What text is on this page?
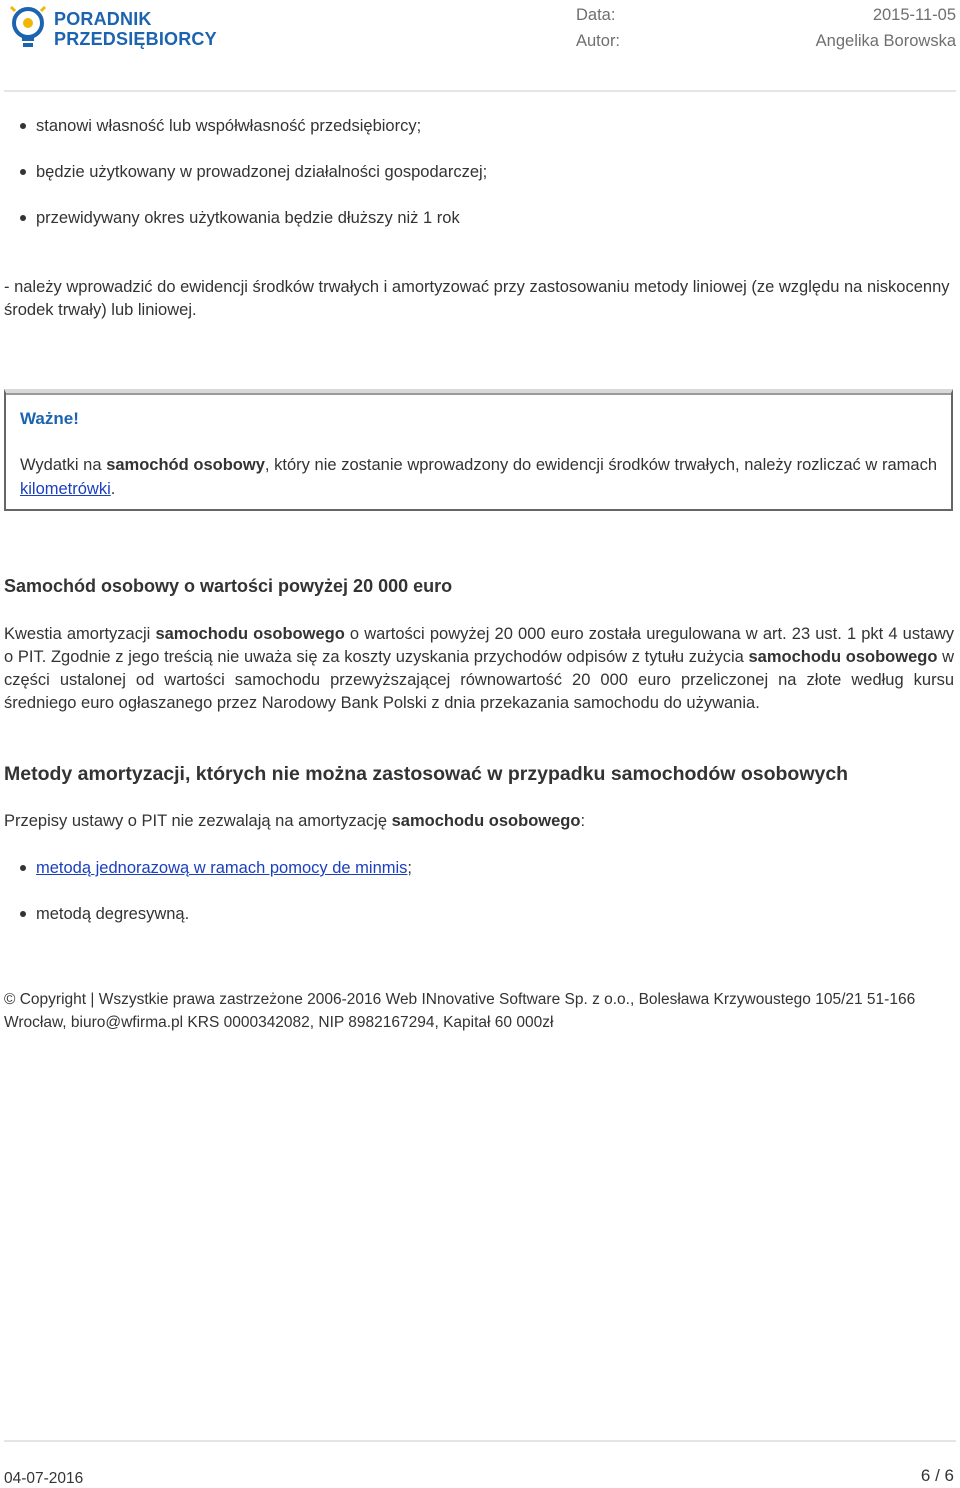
PORADNIK
PRZEDSIĘBIORCY
Data:
Autor:
2015-11-05
Angelika Borowska
stanowi własność lub współwłasność przedsiębiorcy;
będzie użytkowany w prowadzonej działalności gospodarczej;
przewidywany okres użytkowania będzie dłuższy niż 1 rok
- należy wprowadzić do ewidencji środków trwałych i amortyzować przy zastosowaniu metody liniowej (ze względu na niskocenny środek trwały) lub liniowej.
Ważne!
Wydatki na samochód osobowy, który nie zostanie wprowadzony do ewidencji środków trwałych, należy rozliczać w ramach kilometrówki.
Samochód osobowy o wartości powyżej 20 000 euro
Kwestia amortyzacji samochodu osobowego o wartości powyżej 20 000 euro została uregulowana w art. 23 ust. 1 pkt 4 ustawy o PIT. Zgodnie z jego treścią nie uważa się za koszty uzyskania przychodów odpisów z tytułu zużycia samochodu osobowego w części ustalonej od wartości samochodu przewyższającej równowartość 20 000 euro przeliczonej na złote według kursu średniego euro ogłaszanego przez Narodowy Bank Polski z dnia przekazania samochodu do używania.
Metody amortyzacji, których nie można zastosować w przypadku samochodów osobowych
Przepisy ustawy o PIT nie zezwalają na amortyzację samochodu osobowego:
metodą jednorazową w ramach pomocy de minmis;
metodą degresywną.
© Copyright | Wszystkie prawa zastrzeżone 2006-2016 Web INnovative Software Sp. z o.o., Bolesława Krzywoustego 105/21 51-166 Wrocław, biuro@wfirma.pl KRS 0000342082, NIP 8982167294, Kapitał 60 000zł
04-07-2016	6 / 6
